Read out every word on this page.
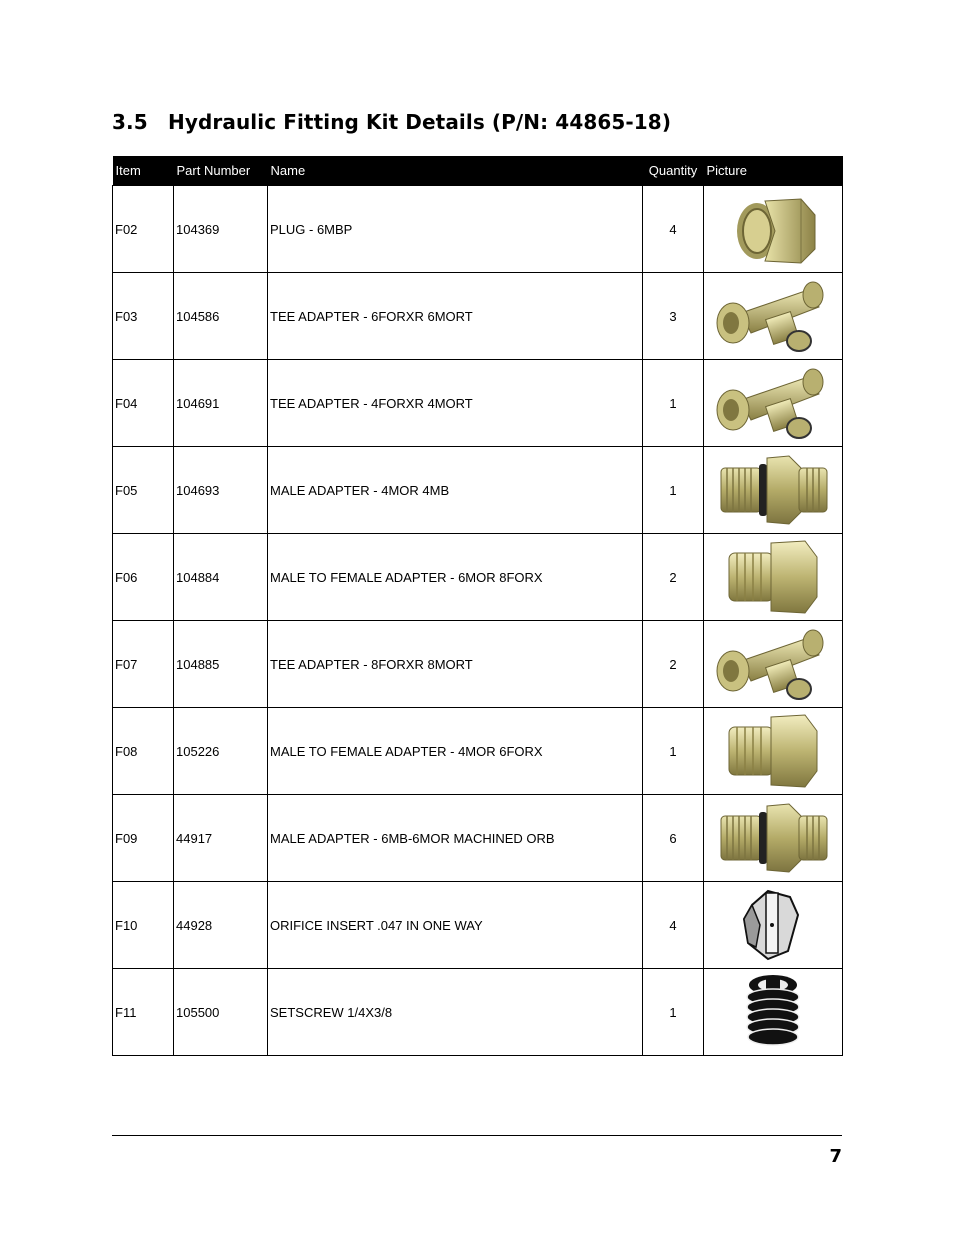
3.5 Hydraulic Fitting Kit Details (P/N: 44865-18)
Item	Part Number	Name	Quantity	Picture
F02	104369	PLUG - 6MBP	4	

F03	104586	TEE ADAPTER - 6FORXR 6MORT	3	

F04	104691	TEE ADAPTER - 4FORXR 4MORT	1	

F05	104693	MALE ADAPTER - 4MOR 4MB	1	

F06	104884	MALE TO FEMALE ADAPTER - 6MOR 8FORX	2	

F07	104885	TEE ADAPTER - 8FORXR 8MORT	2	

F08	105226	MALE TO FEMALE ADAPTER - 4MOR 6FORX	1	

F09	44917	MALE ADAPTER - 6MB-6MOR MACHINED ORB	6	

F10	44928	ORIFICE INSERT .047 IN ONE WAY	4	

F11	105500	SETSCREW 1/4X3/8	1	
7
